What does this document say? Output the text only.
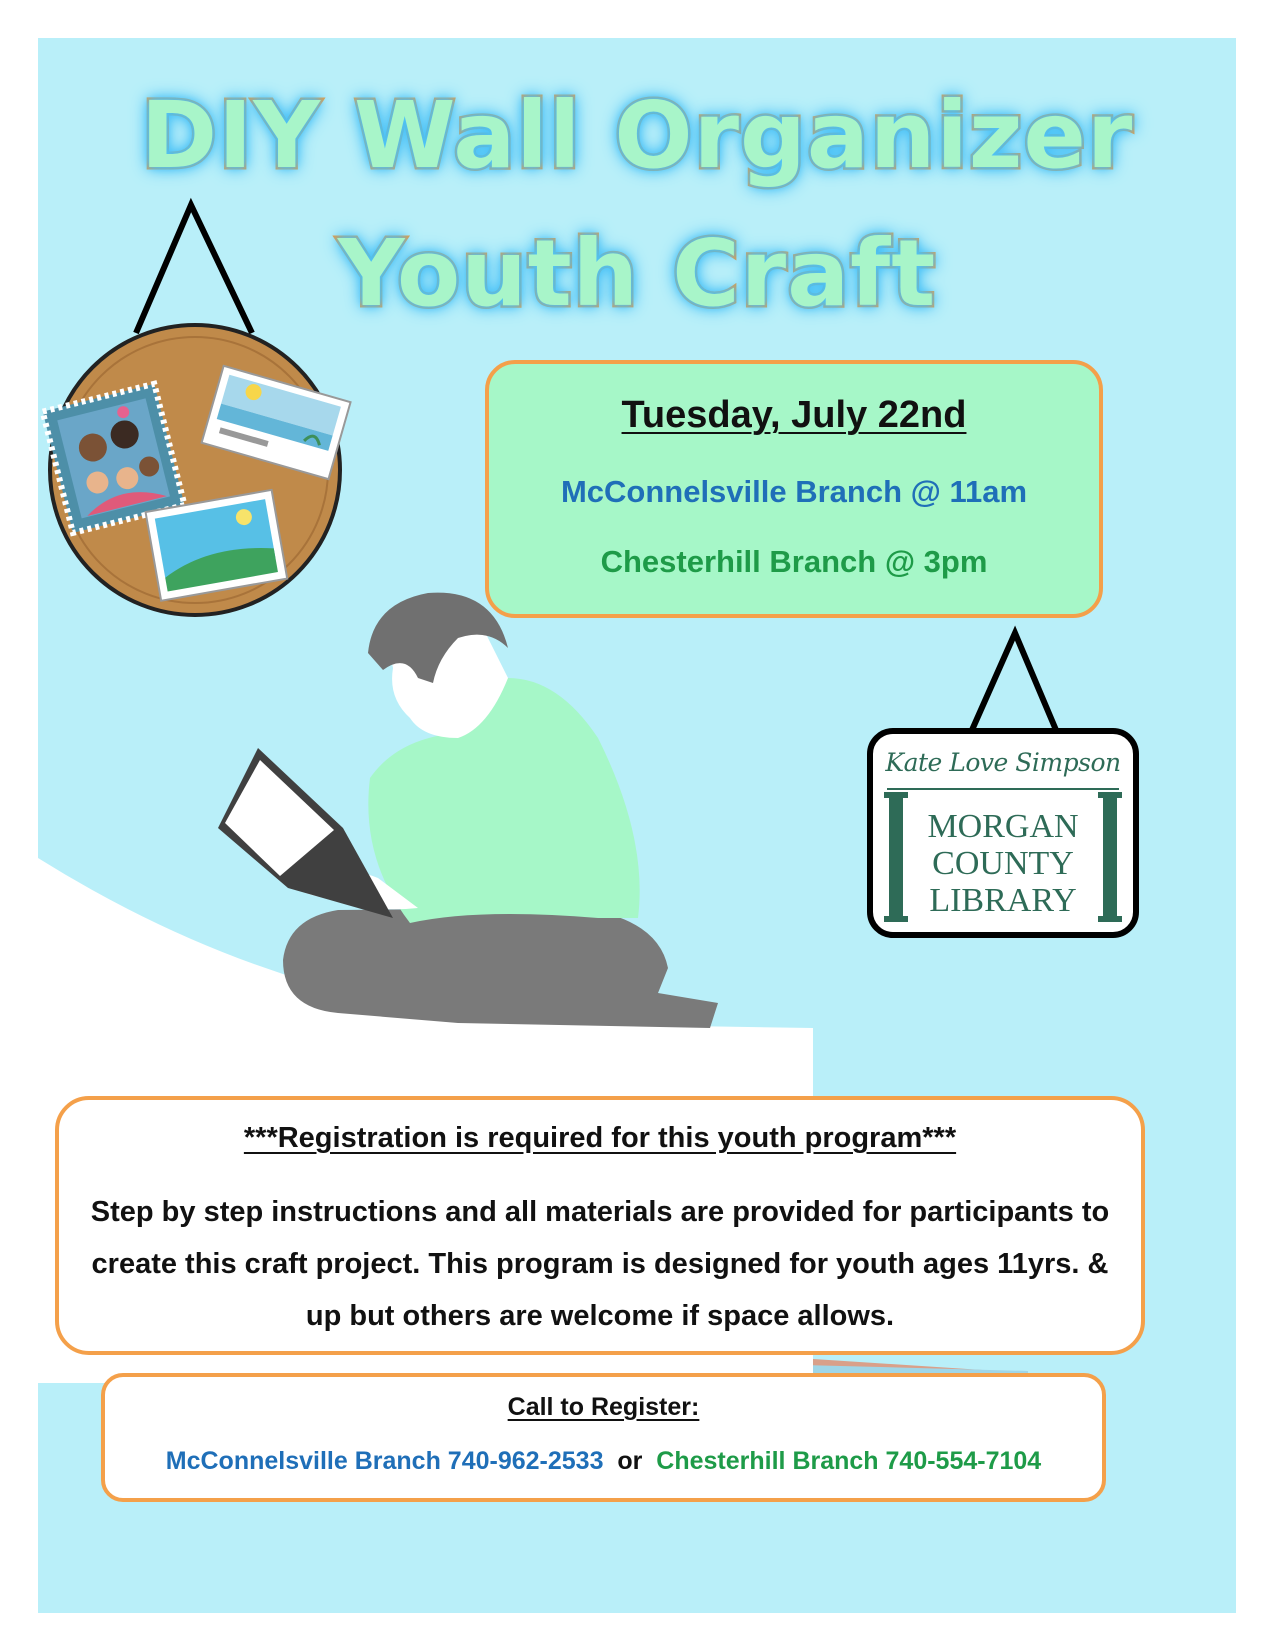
DIY Wall Organizer
Youth Craft
Tuesday, July 22nd
McConnelsville Branch @ 11am
Chesterhill Branch @ 3pm
Kate Love Simpson
MORGAN
COUNTY
LIBRARY
***Registration is required for this youth program***
Step by step instructions and all materials are provided for participants to create this craft project. This program is designed for youth ages 11yrs. & up but others are welcome if space allows.
Call to Register:
McConnelsville Branch 740-962-2533 or Chesterhill Branch 740-554-7104
